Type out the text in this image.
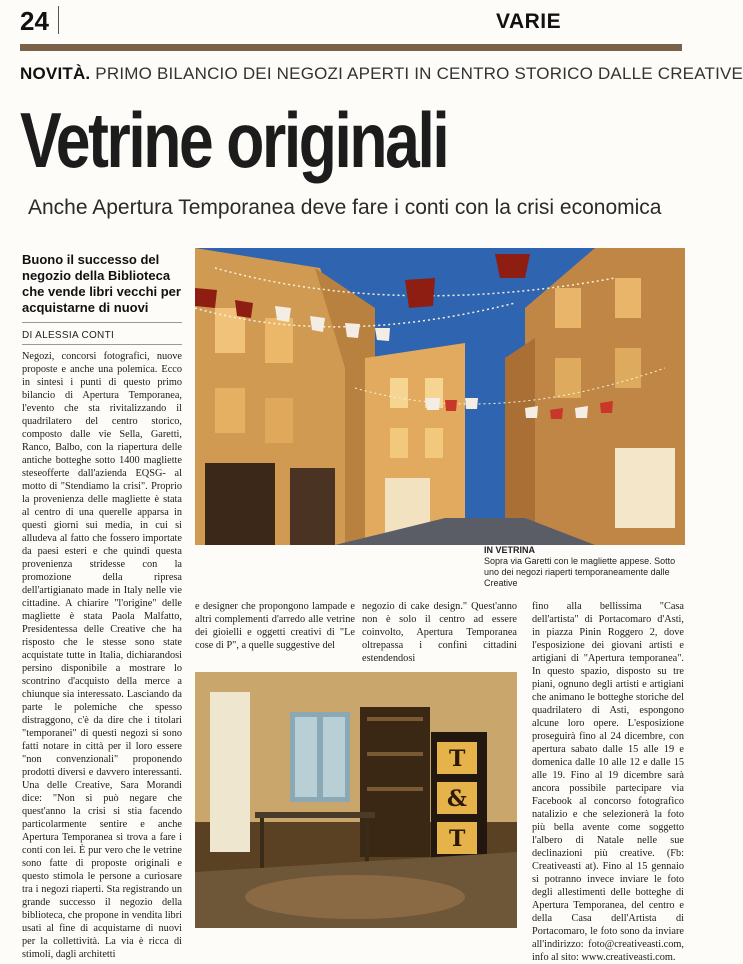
24	VARIE
NOVITÀ. PRIMO BILANCIO DEI NEGOZI APERTI IN CENTRO STORICO DALLE CREATIVE
Vetrine originali
Anche Apertura Temporanea deve fare i conti con la crisi economica
Buono il successo del negozio della Biblioteca che vende libri vecchi per acquistarne di nuovi
DI ALESSIA CONTI
Negozi, concorsi fotografici, nuove proposte e anche una polemica. Ecco in sintesi i punti di questo primo bilancio di Apertura Temporanea, l'evento che sta rivitalizzando il quadrilatero del centro storico, composto dalle vie Sella, Garetti, Ranco, Balbo, con la riapertura delle antiche botteghe sotto 1400 magliette steseofferte dall'azienda EQSG- al motto di "Stendiamo la crisi". Proprio la provenienza delle magliette è stata al centro di una querelle apparsa in questi giorni sui media, in cui si alludeva al fatto che fossero importate da paesi esteri e che quindi questa provenienza stridesse con la promozione della ripresa dell'artigianato made in Italy nelle vie cittadine. A chiarire "l'origine" delle magliette è stata Paola Malfatto, Presidentessa delle Creative che ha risposto che le stesse sono state acquistate tutte in Italia, dichiarandosi persino disponibile a mostrare lo scontrino d'acquisto della merce a chiunque sia interessato. Lasciando da parte le polemiche che spesso distraggono, c'è da dire che i titolari "temporanei" di questi negozi si sono fatti notare in città per il loro essere "non convenzionali" proponendo prodotti diversi e davvero interessanti. Una delle Creative, Sara Morandi dice: "Non si può negare che quest'anno la crisi si stia facendo particolarmente sentire e anche Apertura Temporanea si trova a fare i conti con lei. È pur vero che le vetrine sono fatte di proposte originali e questo stimola le persone a curiosare tra i negozi riaperti. Sta registrando un grande successo il negozio della biblioteca, che propone in vendita libri usati al fine di acquistarne di nuovi per la collettività. La via è ricca di stimoli, dagli architetti
e designer che propongono lampade e altri complementi d'arredo alle vetrine dei gioielli e oggetti creativi di "Le cose di P", a quelle suggestive del
negozio di cake design." Quest'anno non è solo il centro ad essere coinvolto, Apertura Temporanea oltrepassa i confini cittadini estendendosi
fino alla bellissima "Casa dell'artista" di Portacomaro d'Asti, in piazza Pinin Roggero 2, dove l'esposizione dei giovani artisti e artigiani di "Apertura temporanea". In questo spazio, disposto su tre piani, ognuno degli artisti e artigiani che animano le botteghe storiche del quadrilatero di Asti, espongono alcune loro opere. L'esposizione proseguirà fino al 24 dicembre, con apertura sabato dalle 15 alle 19 e domenica dalle 10 alle 12 e dalle 15 alle 19. Fino al 19 dicembre sarà ancora possibile partecipare via Facebook al concorso fotografico natalizio e che selezionerà la foto più bella avente come soggetto l'albero di Natale nelle sue declinazioni più creative. (Fb: Creativeasti at). Fino al 15 gennaio si potranno invece inviare le foto degli allestimenti delle botteghe di Apertura Temporanea, del centro e della Casa dell'Artista di Portacomaro, le foto sono da inviare all'indirizzo: foto@creativeasti.com, info al sito: www.creativeasti.com.
IN VETRINA
Sopra via Garetti con le magliette appese. Sotto uno dei negozi riaperti temporaneamente dalle Creative
T
&
T
